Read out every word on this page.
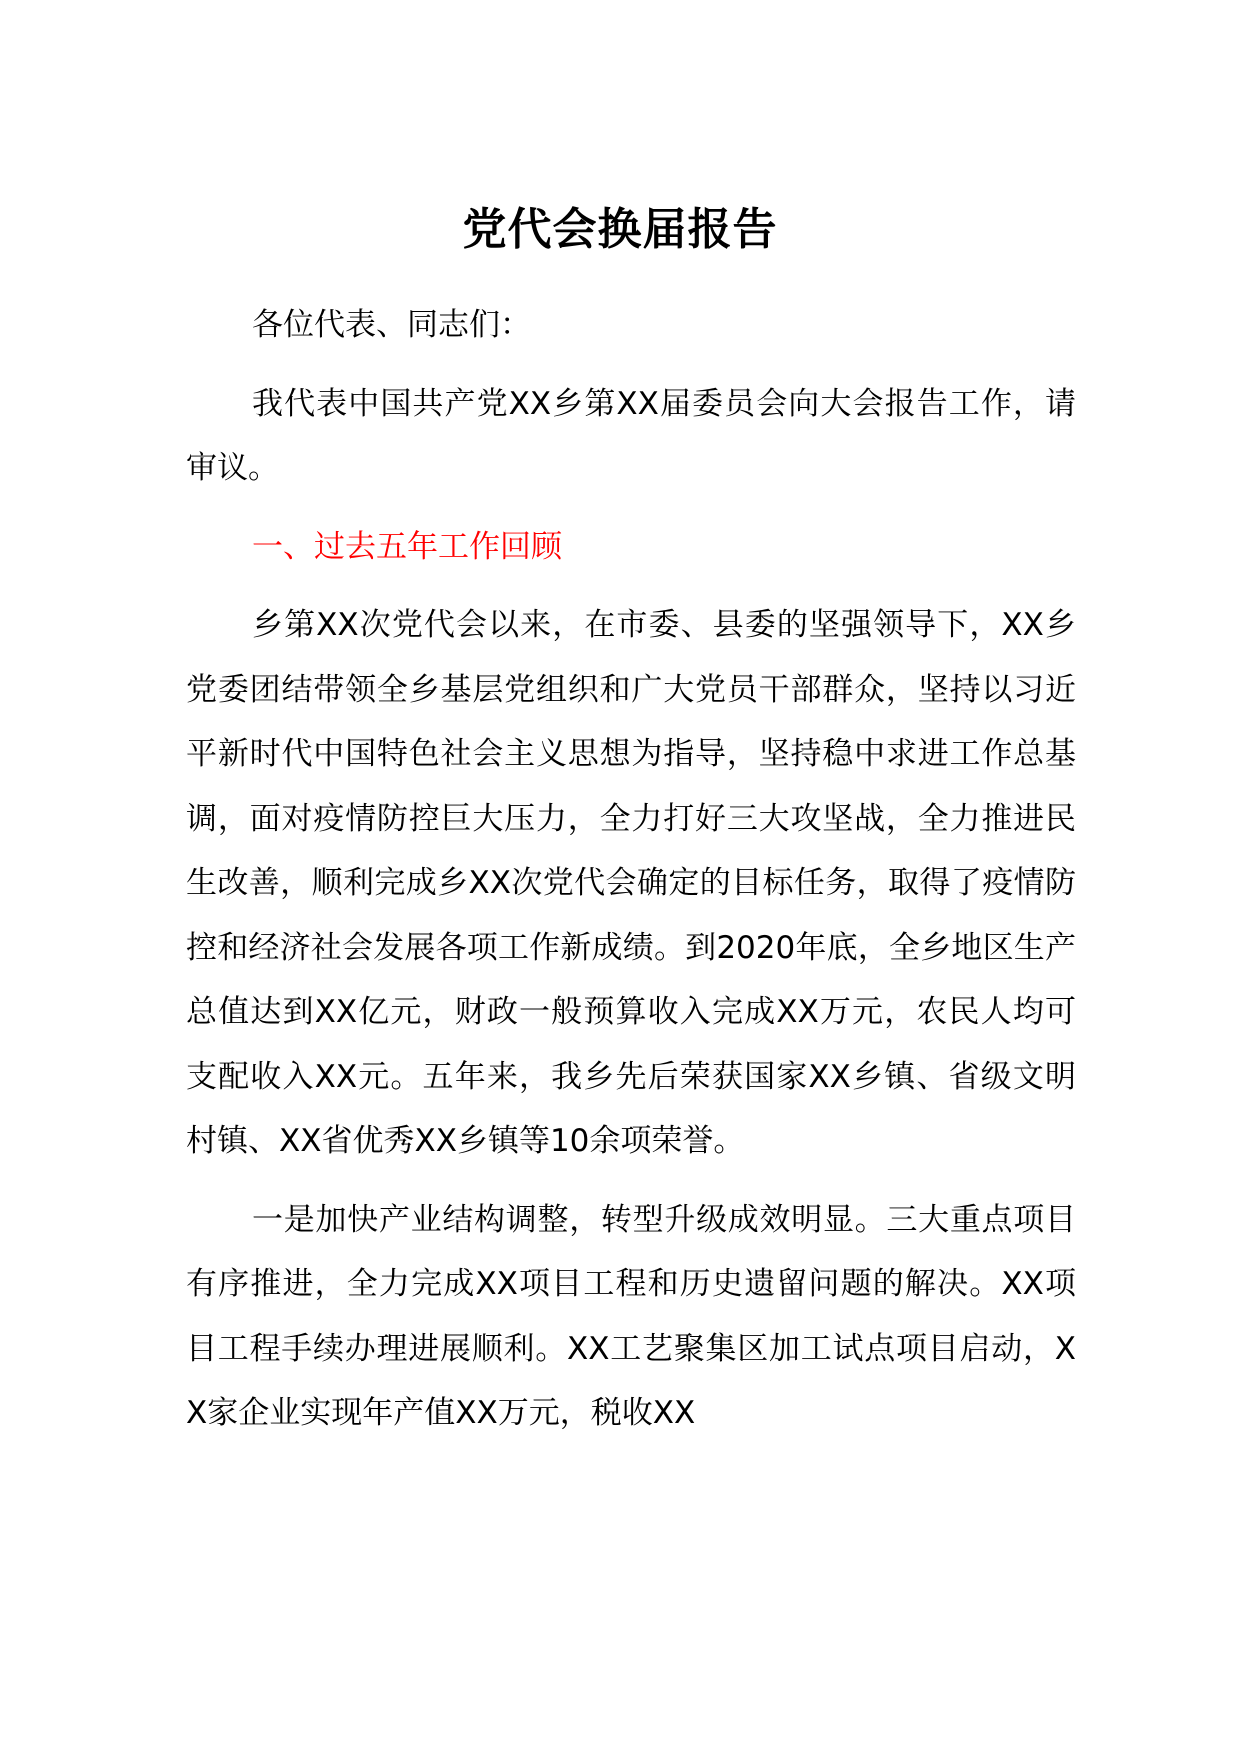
党代会换届报告

各位代表、同志们：

我代表中国共产党XX乡第XX届委员会向大会报告工作，请审议。

一、过去五年工作回顾

乡第XX次党代会以来，在市委、县委的坚强领导下，XX乡党委团结带领全乡基层党组织和广大党员干部群众，坚持以习近平新时代中国特色社会主义思想为指导，坚持稳中求进工作总基调，面对疫情防控巨大压力，全力打好三大攻坚战，全力推进民生改善，顺利完成乡XX次党代会确定的目标任务，取得了疫情防控和经济社会发展各项工作新成绩。到2020年底，全乡地区生产总值达到XX亿元，财政一般预算收入完成XX万元，农民人均可支配收入XX元。五年来，我乡先后荣获国家XX乡镇、省级文明村镇、XX省优秀XX乡镇等10余项荣誉。

一是加快产业结构调整，转型升级成效明显。三大重点项目有序推进，全力完成XX项目工程和历史遗留问题的解决。XX项目工程手续办理进展顺利。XX工艺聚集区加工试点项目启动，XX家企业实现年产值XX万元，税收XX
